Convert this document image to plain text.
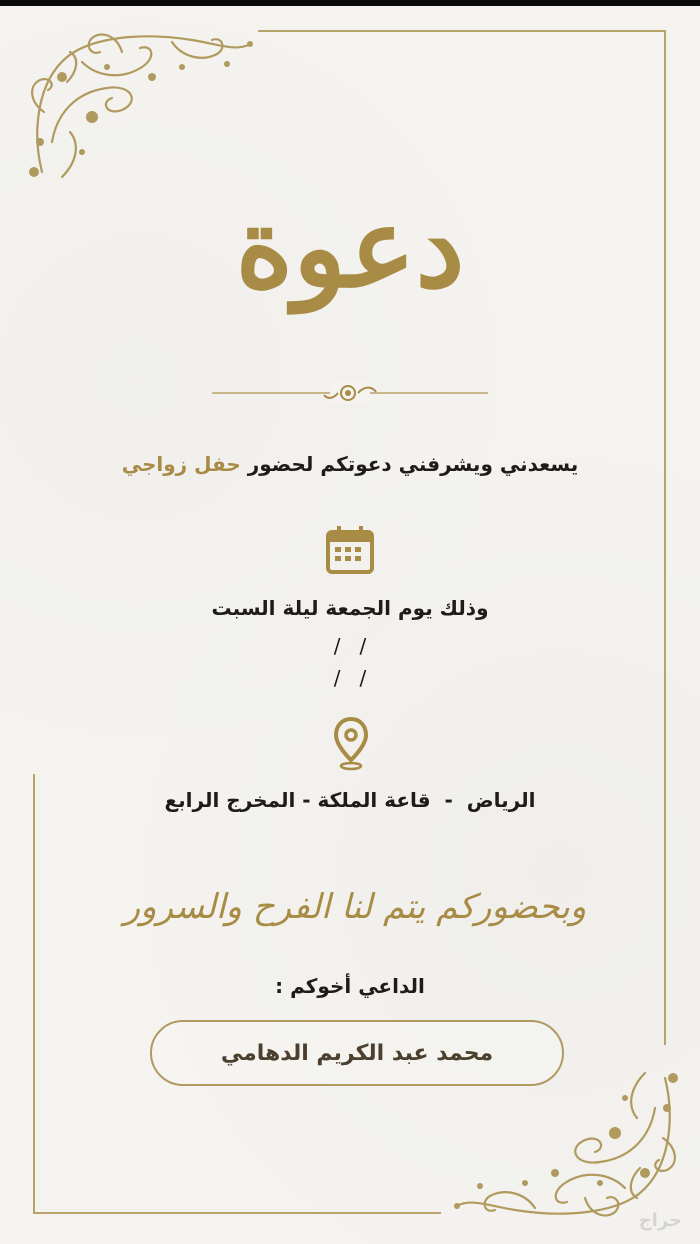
دعوة
يسعدني ويشرفني دعوتكم لحضور حفل زواجي
وذلك يوم الجمعة ليلة السبت
/   /
/   /
الرياض  -  قاعة الملكة - المخرج الرابع
وبحضوركم يتم لنا الفرح والسرور
الداعي أخوكم :
محمد عبد الكريم الدهامي
حراج
